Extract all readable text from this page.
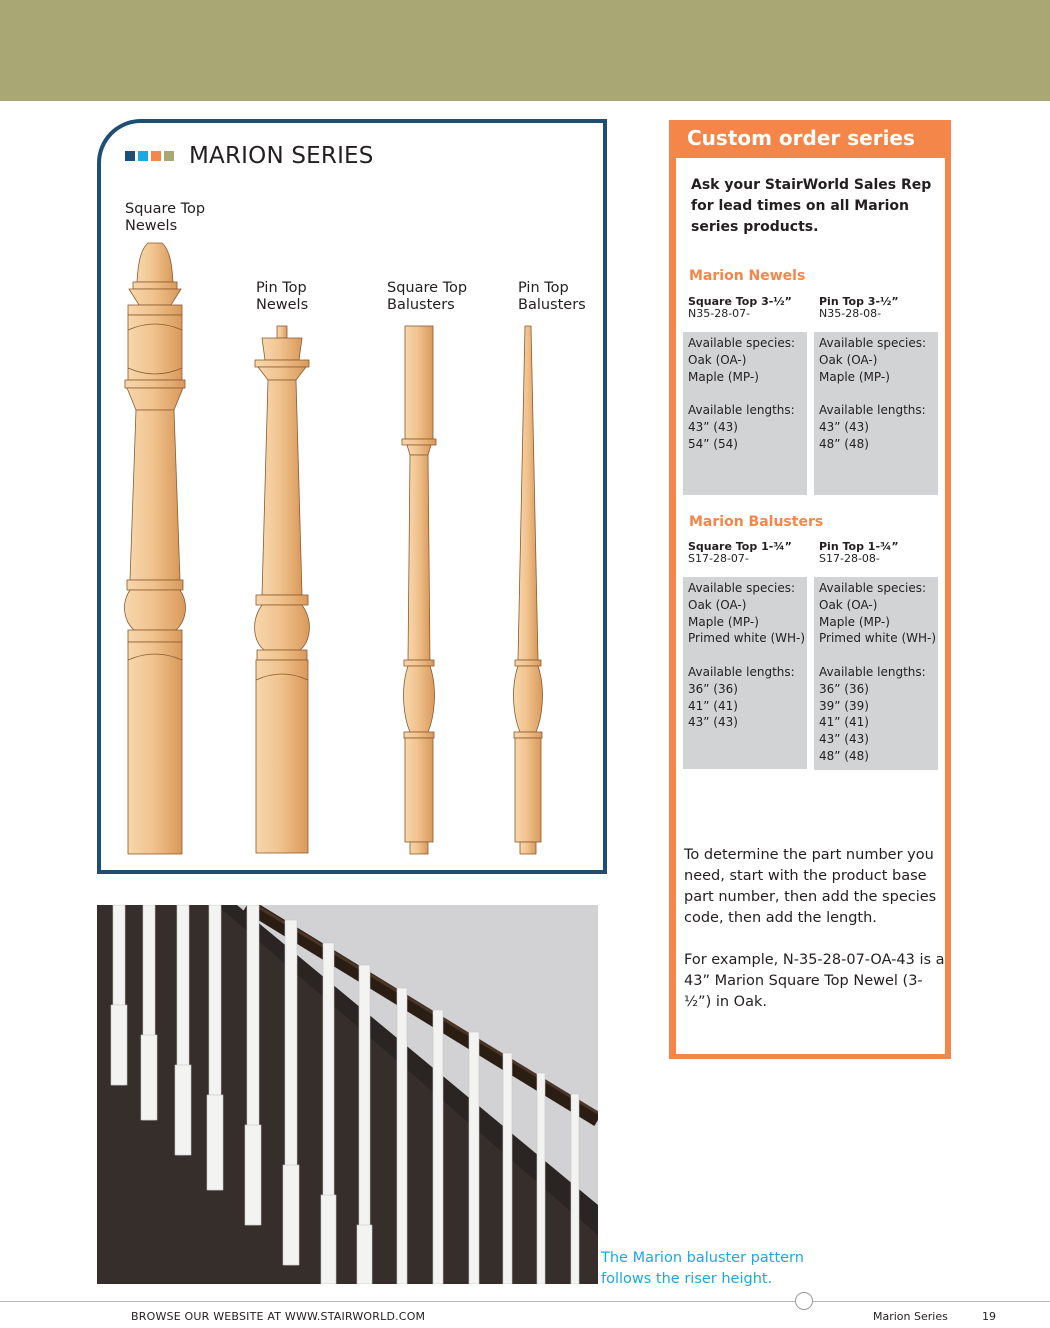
MARION SERIES
Square Top
Newels
Pin Top
Newels
Square Top
Balusters
Pin Top
Balusters
The Marion baluster pattern
follows the riser height.
Custom order series
Ask your StairWorld Sales Rep for lead times on all Marion series products.
Marion Newels
Square Top 3-½”
N35-28-07-
Pin Top 3-½”
N35-28-08-
Available species:
Oak (OA-)
Maple (MP-)
Available lengths:
43” (43)
54” (54)
Available species:
Oak (OA-)
Maple (MP-)
Available lengths:
43” (43)
48” (48)
Marion Balusters
Square Top 1-¾”
S17-28-07-
Pin Top 1-¾”
S17-28-08-
Available species:
Oak (OA-)
Maple (MP-)
Primed white (WH-)
Available lengths:
36” (36)
41” (41)
43” (43)
Available species:
Oak (OA-)
Maple (MP-)
Primed white (WH-)
Available lengths:
36” (36)
39” (39)
41” (41)
43” (43)
48” (48)
To determine the part number you need, start with the product base part number, then add the species code, then add the length.
For example, N-35-28-07-OA-43 is a 43” Marion Square Top Newel (3-½”) in Oak.
BROWSE OUR WEBSITE AT WWW.STAIRWORLD.COM	Marion Series	19
